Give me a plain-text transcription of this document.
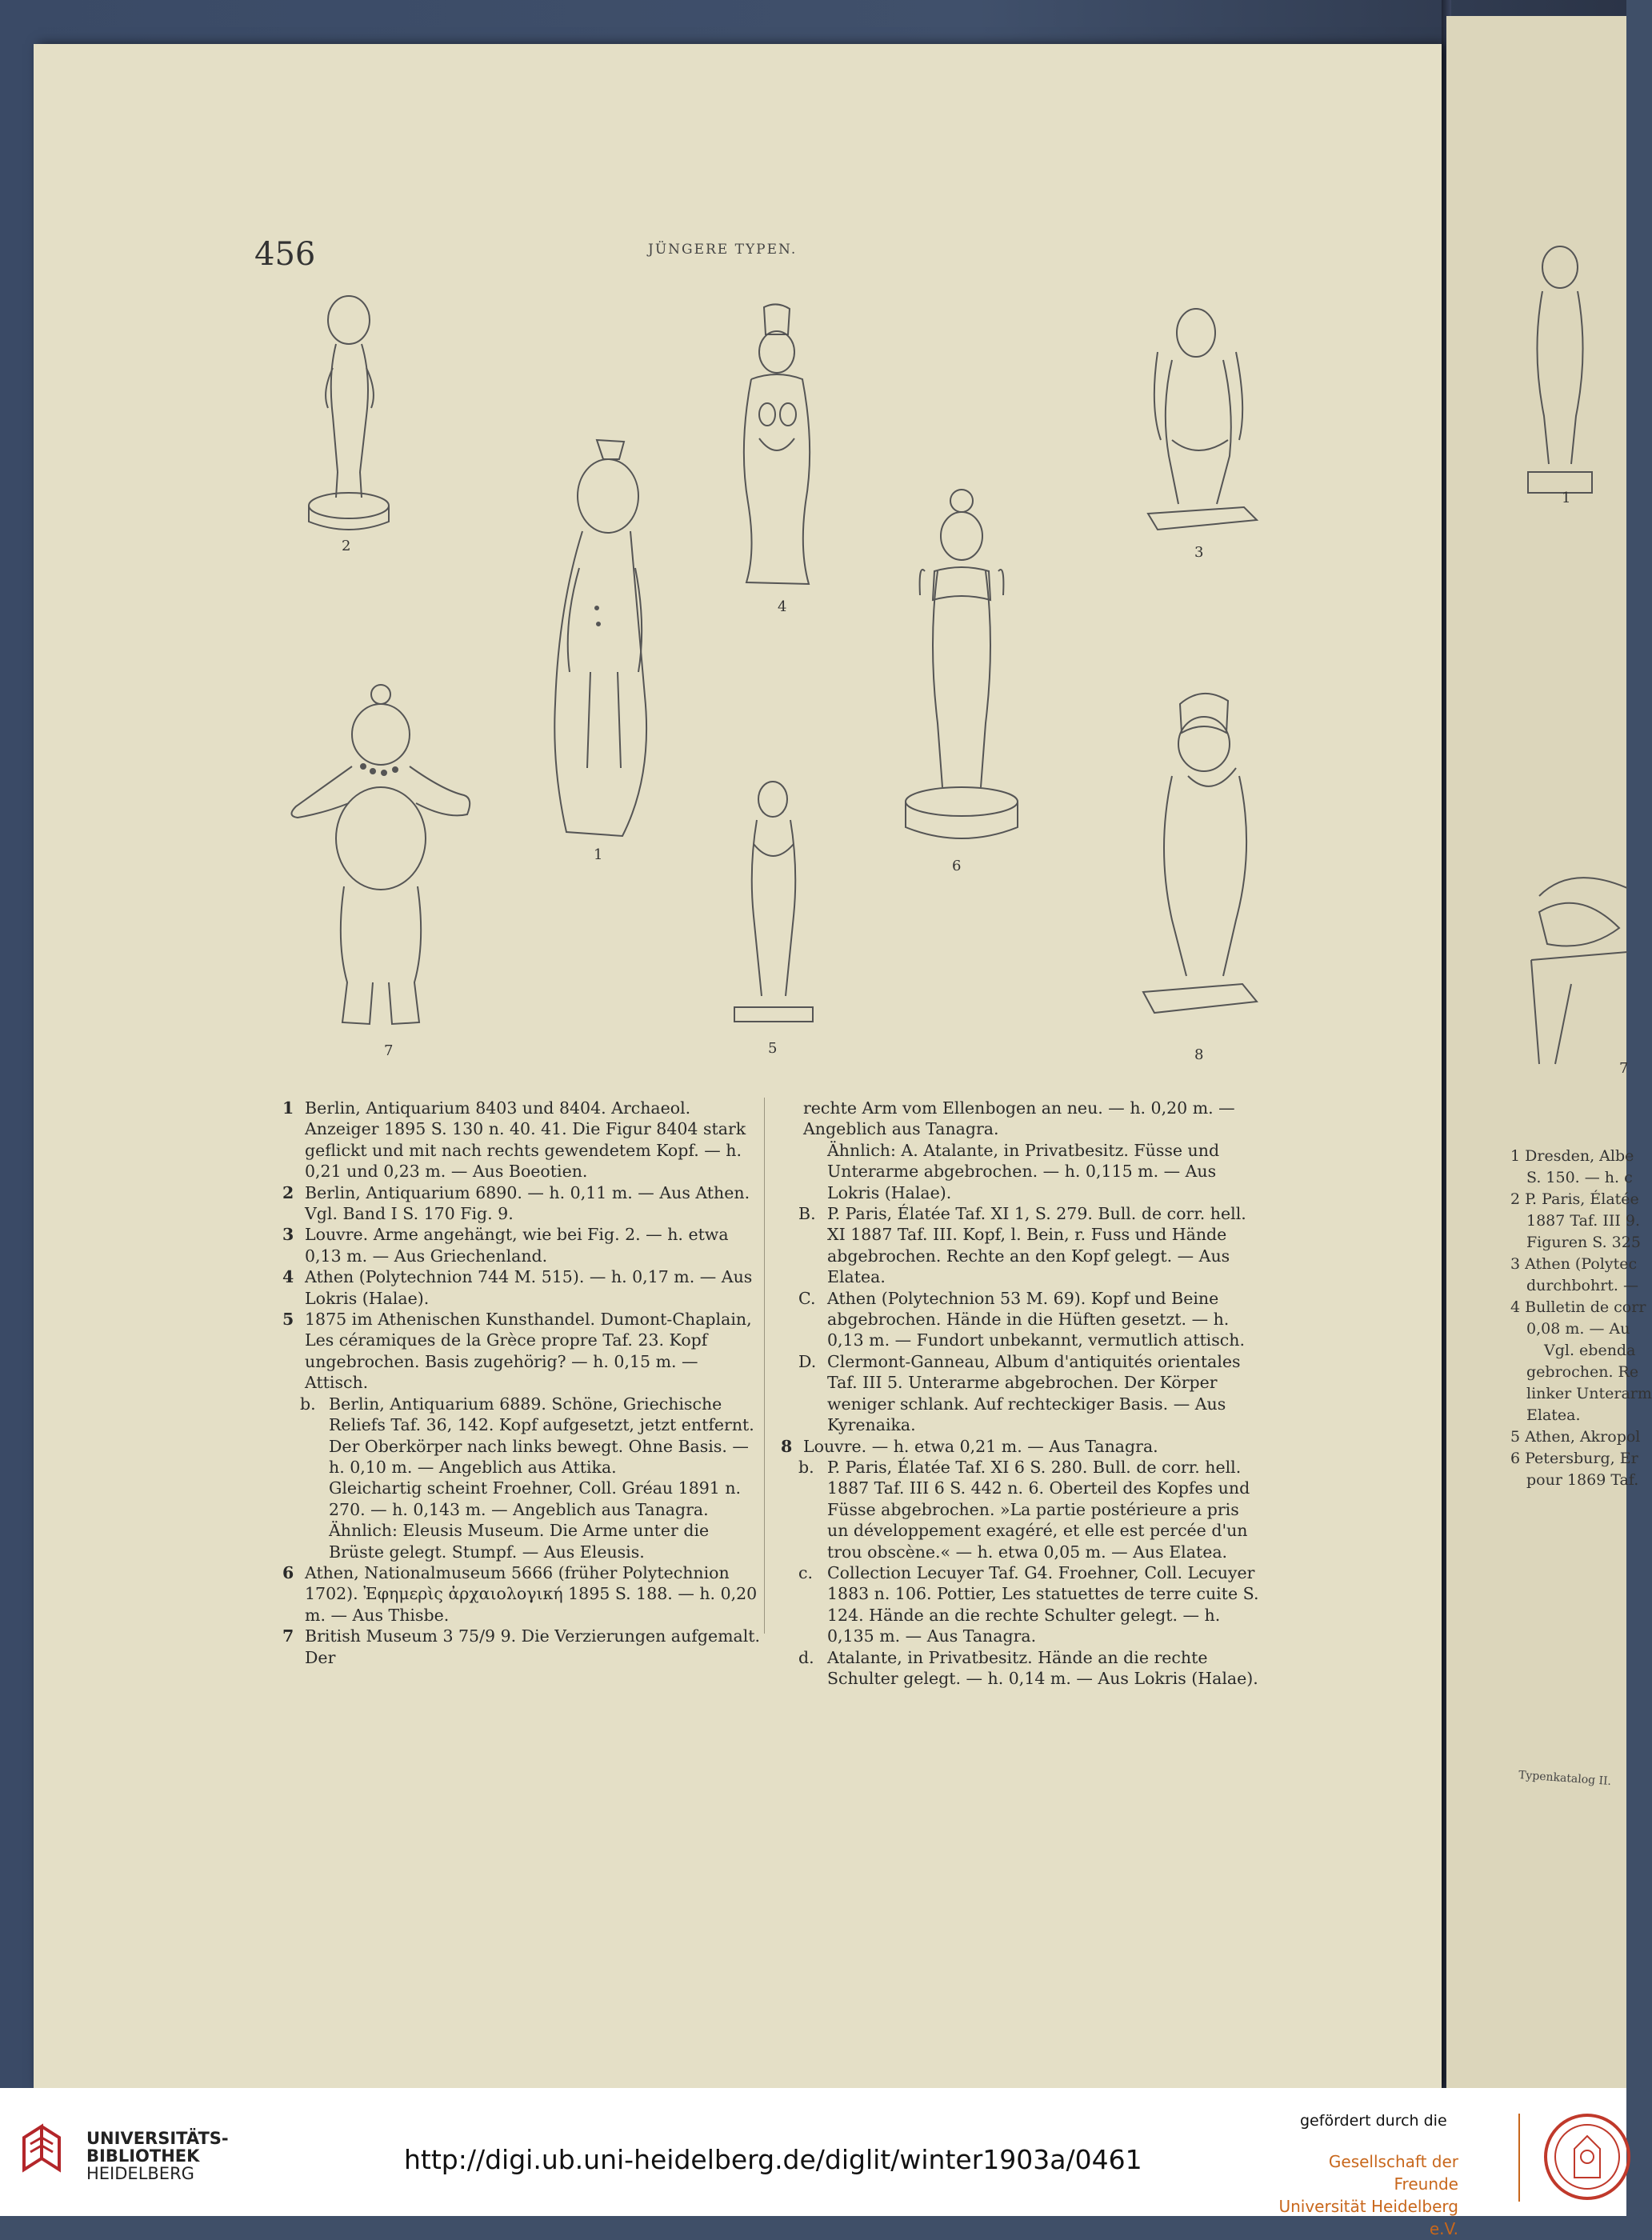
456	JÜNGERE TYPEN.
2
1
4
3
6
7	5	8

1 Berlin, Antiquarium 8403 und 8404. Archaeol. Anzeiger 1895 S. 130 n. 40. 41. Die Figur 8404 stark geflickt und mit nach rechts gewendetem Kopf. — h. 0,21 und 0,23 m. — Aus Boeotien.

2 Berlin, Antiquarium 6890. — h. 0,11 m. — Aus Athen. Vgl. Band I S. 170 Fig. 9.

3 Louvre. Arme angehängt, wie bei Fig. 2. — h. etwa 0,13 m. — Aus Griechenland.

4 Athen (Polytechnion 744 M. 515). — h. 0,17 m. — Aus Lokris (Halae).

5 1875 im Athenischen Kunsthandel. Dumont-Chaplain, Les céramiques de la Grèce propre Taf. 23. Kopf ungebrochen. Basis zugehörig? — h. 0,15 m. — Attisch.

b. Berlin, Antiquarium 6889. Schöne, Griechische Reliefs Taf. 36, 142. Kopf aufgesetzt, jetzt entfernt. Der Oberkörper nach links bewegt. Ohne Basis. — h. 0,10 m. — Angeblich aus Attika.

Gleichartig scheint Froehner, Coll. Gréau 1891 n. 270. — h. 0,143 m. — Angeblich aus Tanagra.

Ähnlich: Eleusis Museum. Die Arme unter die Brüste gelegt. Stumpf. — Aus Eleusis.

6 Athen, Nationalmuseum 5666 (früher Polytechnion 1702). Ἐφημερὶς ἀρχαιολογική 1895 S. 188. — h. 0,20 m. — Aus Thisbe.

7 British Museum 3 75/9 9. Die Verzierungen aufgemalt. Der

rechte Arm vom Ellenbogen an neu. — h. 0,20 m. — Angeblich aus Tanagra.

Ähnlich: A. Atalante, in Privatbesitz. Füsse und Unterarme abgebrochen. — h. 0,115 m. — Aus Lokris (Halae).

B. P. Paris, Élatée Taf. XI 1, S. 279. Bull. de corr. hell. XI 1887 Taf. III. Kopf, l. Bein, r. Fuss und Hände abgebrochen. Rechte an den Kopf gelegt. — Aus Elatea.

C. Athen (Polytechnion 53 M. 69). Kopf und Beine abgebrochen. Hände in die Hüften gesetzt. — h. 0,13 m. — Fundort unbekannt, vermutlich attisch.

D. Clermont-Ganneau, Album d'antiquités orientales Taf. III 5. Unterarme abgebrochen. Der Körper weniger schlank. Auf rechteckiger Basis. — Aus Kyrenaika.

8 Louvre. — h. etwa 0,21 m. — Aus Tanagra.

b. P. Paris, Élatée Taf. XI 6 S. 280. Bull. de corr. hell. 1887 Taf. III 6 S. 442 n. 6. Oberteil des Kopfes und Füsse abgebrochen. »La partie postérieure a pris un développement exagéré, et elle est percée d'un trou obscène.« — h. etwa 0,05 m. — Aus Elatea.

c. Collection Lecuyer Taf. G4. Froehner, Coll. Lecuyer 1883 n. 106. Pottier, Les statuettes de terre cuite S. 124. Hände an die rechte Schulter gelegt. — h. 0,135 m. — Aus Tanagra.

d. Atalante, in Privatbesitz. Hände an die rechte Schulter gelegt. — h. 0,14 m. — Aus Lokris (Halae).

1
7
1 Dresden, Albe
S. 150. — h. c
2 P. Paris, Élatée
1887 Taf. III 9.
Figuren S. 325
3 Athen (Polytec
durchbohrt. —
4 Bulletin de corr
0,08 m. — Au
Vgl. ebenda
gebrochen. Re
linker Unterarm
Elatea.
5 Athen, Akropol
6 Petersburg, Er
pour 1869 Taf.
Typenkatalog II.
UNIVERSITÄTS-
BIBLIOTHEK
HEIDELBERG	http://digi.ub.uni-heidelberg.de/diglit/winter1903a/0461
gefördert durch die
Gesellschaft der Freunde
Universität Heidelberg e.V.
